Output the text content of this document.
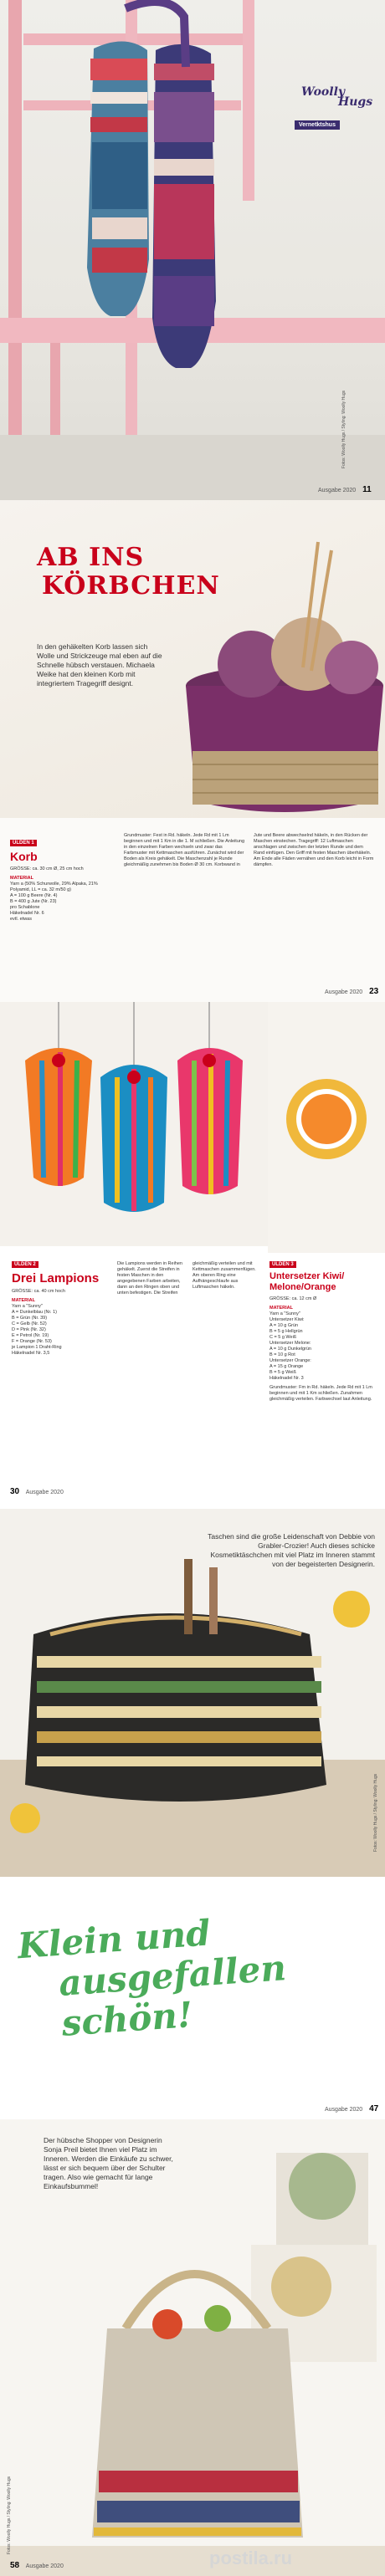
Woolly
Hugs
Vernetktshus
Fotos: Woolly Hugs / Styling: Woolly Hugs
Ausgabe 2020 11
AB INS
KÖRBCHEN

In den gehäkelten Korb lassen sich Wolle und Strickzeuge mal eben auf die Schnelle hübsch verstauen. Michaela Weike hat den kleinen Korb mit integriertem Tragegriff designt.

ÜLDEN 1
Korb
GRÖSSE: ca. 30 cm Ø, 25 cm hoch
MATERIAL
Yarn a (50% Schurwolle, 29% Alpaka, 21% Polyamid, LL = ca. 32 m/50 g)
A = 100 g Beere (Nr. 4)
B = 400 g Jute (Nr. 23)
pro Schablone
Häkelnadel Nr. 6
evtl. etwas
Grundmuster: Fest in Rd. häkeln. Jede Rd mit 1 Lm beginnen und mit 1 Km in die 1. M schließen. Die Anleitung in den einzelnen Farben wechseln und zwar das Farbmuster mit Kettmaschen ausführen. Zunächst wird der Boden als Kreis gehäkelt. Die Maschenzahl je Runde gleichmäßig zunehmen bis Boden Ø 30 cm. Korbwand in Jute und Beere abwechselnd häkeln, in den Rücken der Maschen einstechen. Tragegriff: 12 Luftmaschen anschlagen und zwischen der letzten Runde und dem Rand einfügen. Den Griff mit festen Maschen überhäkeln. Am Ende alle Fäden vernähen und den Korb leicht in Form dämpfen.
Ausgabe 2020 23
ÜLDEN 2
Drei Lampions
GRÖSSE: ca. 40 cm hoch
MATERIAL
Yarn a "Sunny"
A = Dunkelblau (Nr. 1)
B = Grün (Nr. 39)
C = Gelb (Nr. 52)
D = Pink (Nr. 32)
E = Petrol (Nr. 19)
F = Orange (Nr. 53)
je Lampion 1 Draht-Ring
Häkelnadel Nr. 3,5
Die Lampions werden in Reihen gehäkelt. Zuerst die Streifen in festen Maschen in den angegebenen Farben arbeiten, dann an den Ringen oben und unten befestigen. Die Streifen gleichmäßig verteilen und mit Kettmaschen zusammenfügen. Am oberen Ring eine Aufhängeschlaufe aus Luftmaschen häkeln.
ÜLDEN 3
Untersetzer Kiwi/ Melone/Orange
GRÖSSE: ca. 12 cm Ø
MATERIAL
Yarn a "Sunny"
Untersetzer Kiwi:
A = 10 g Grün
B = 5 g Hellgrün
C = 5 g Weiß
Untersetzer Melone:
A = 10 g Dunkelgrün
B = 10 g Rot
Untersetzer Orange:
A = 15 g Orange
B = 5 g Weiß
Häkelnadel Nr. 3
Grundmuster: Fm in Rd. häkeln. Jede Rd mit 1 Lm beginnen und mit 1 Km schließen. Zunahmen gleichmäßig verteilen. Farbwechsel laut Anleitung.
30 Ausgabe 2020

Taschen sind die große Leidenschaft von Debbie von Grabler-Crozier! Auch dieses schicke Kosmetiktäschchen mit viel Platz im Inneren stammt von der begeisterten Designerin.

Fotos: Woolly Hugs / Styling: Woolly Hugs
Klein und
ausgefallen schön!
Ausgabe 2020 47

Der hübsche Shopper von Designerin Sonja Preil bietet Ihnen viel Platz im Inneren. Werden die Einkäufe zu schwer, lässt er sich bequem über der Schulter tragen. Also wie gemacht für lange Einkaufsbummel!

Fotos: Woolly Hugs / Styling: Woolly Hugs
58 Ausgabe 2020	postila.ru
